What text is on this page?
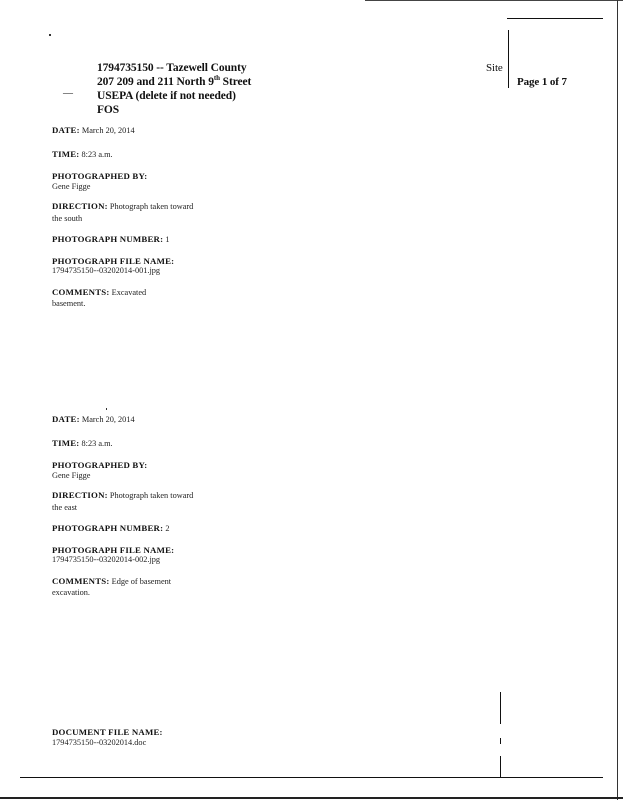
1794735150 -- Tazewell County
207 209 and 211 North 9th Street
USEPA (delete if not needed)
FOS
—
Site
Page 1 of 7
DATE: March 20, 2014
TIME: 8:23 a.m.
PHOTOGRAPHED BY:
Gene Figge
DIRECTION: Photograph taken toward the south
PHOTOGRAPH NUMBER: 1
PHOTOGRAPH FILE NAME:
1794735150--03202014-001.jpg
COMMENTS: Excavated basement.
DATE: March 20, 2014
TIME: 8:23 a.m.
PHOTOGRAPHED BY:
Gene Figge
DIRECTION: Photograph taken toward the east
PHOTOGRAPH NUMBER: 2
PHOTOGRAPH FILE NAME:
1794735150--03202014-002.jpg
COMMENTS: Edge of basement excavation.
DOCUMENT FILE NAME:
1794735150--03202014.doc
